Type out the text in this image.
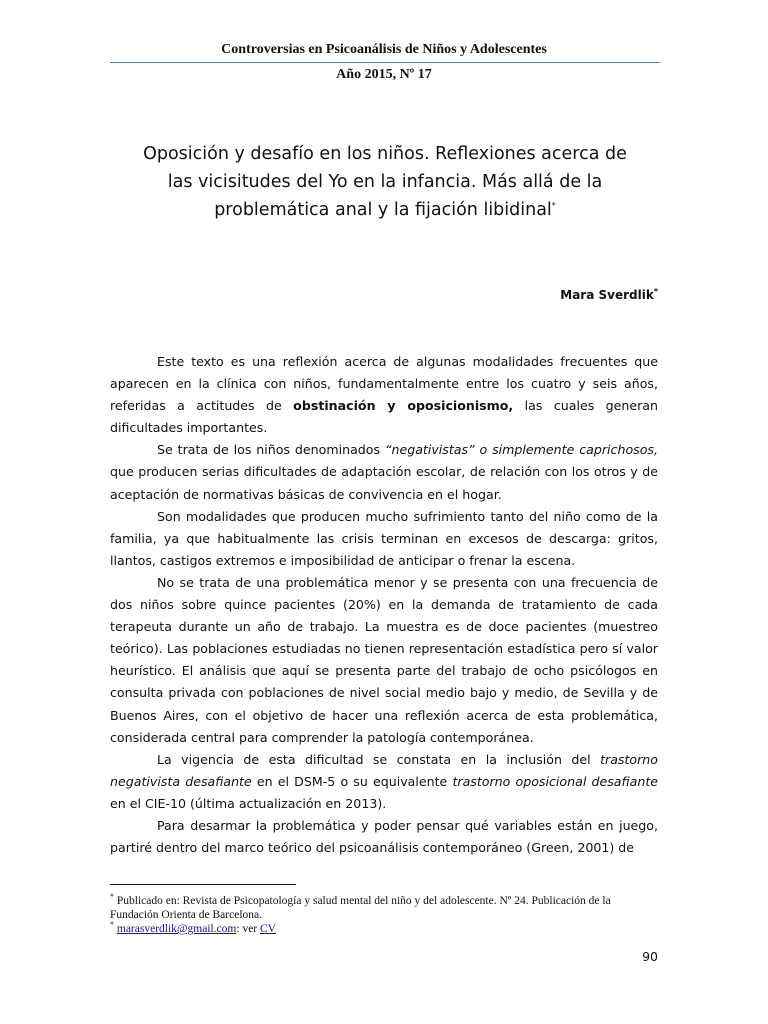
Controversias en Psicoanálisis de Niños y Adolescentes
Año 2015, Nº 17
Oposición y desafío en los niños. Reflexiones acerca de
las vicisitudes del Yo en la infancia. Más allá de la
problemática anal y la fijación libidinal*
Mara Sverdlik*

Este texto es una reflexión acerca de algunas modalidades frecuentes que aparecen en la clínica con niños, fundamentalmente entre los cuatro y seis años, referidas a actitudes de obstinación y oposicionismo, las cuales generan dificultades importantes.

Se trata de los niños denominados “negativistas” o simplemente caprichosos, que producen serias dificultades de adaptación escolar, de relación con los otros y de aceptación de normativas básicas de convivencia en el hogar.

Son modalidades que producen mucho sufrimiento tanto del niño como de la familia, ya que habitualmente las crisis terminan en excesos de descarga: gritos, llantos, castigos extremos e imposibilidad de anticipar o frenar la escena.

No se trata de una problemática menor y se presenta con una frecuencia de dos niños sobre quince pacientes (20%) en la demanda de tratamiento de cada terapeuta durante un año de trabajo. La muestra es de doce pacientes (muestreo teórico). Las poblaciones estudiadas no tienen representación estadística pero sí valor heurístico. El análisis que aquí se presenta parte del trabajo de ocho psicólogos en consulta privada con poblaciones de nivel social medio bajo y medio, de Sevilla y de Buenos Aires, con el objetivo de hacer una reflexión acerca de esta problemática, considerada central para comprender la patología contemporánea.

La vigencia de esta dificultad se constata en la inclusión del trastorno negativista desafiante en el DSM-5 o su equivalente trastorno oposicional desafiante en el CIE-10 (última actualización en 2013).

Para desarmar la problemática y poder pensar qué variables están en juego, partiré dentro del marco teórico del psicoanálisis contemporáneo (Green, 2001) de

* Publicado en: Revista de Psicopatología y salud mental del niño y del adolescente. Nº 24. Publicación de la Fundación Orienta de Barcelona.
* marasverdlik@gmail.com: ver CV
90
